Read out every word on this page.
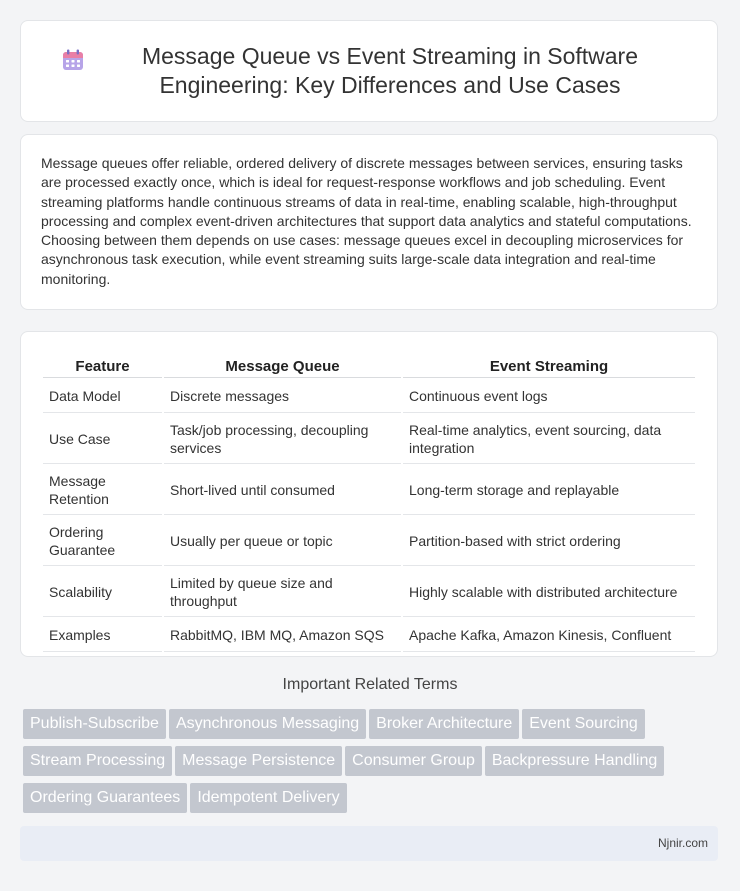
Message Queue vs Event Streaming in Software Engineering: Key Differences and Use Cases

Message queues offer reliable, ordered delivery of discrete messages between services, ensuring tasks are processed exactly once, which is ideal for request-response workflows and job scheduling. Event streaming platforms handle continuous streams of data in real-time, enabling scalable, high-throughput processing and complex event-driven architectures that support data analytics and stateful computations. Choosing between them depends on use cases: message queues excel in decoupling microservices for asynchronous task execution, while event streaming suits large-scale data integration and real-time monitoring.

Feature	Message Queue	Event Streaming
Data Model	Discrete messages	Continuous event logs
Use Case	Task/job processing, decoupling services	Real-time analytics, event sourcing, data integration
Message Retention	Short-lived until consumed	Long-term storage and replayable
Ordering Guarantee	Usually per queue or topic	Partition-based with strict ordering
Scalability	Limited by queue size and throughput	Highly scalable with distributed architecture
Examples	RabbitMQ, IBM MQ, Amazon SQS	Apache Kafka, Amazon Kinesis, Confluent
Important Related Terms
Publish-Subscribe Asynchronous Messaging Broker Architecture Event Sourcing
Stream Processing Message Persistence Consumer Group Backpressure Handling
Ordering Guarantees Idempotent Delivery
Njnir.com
